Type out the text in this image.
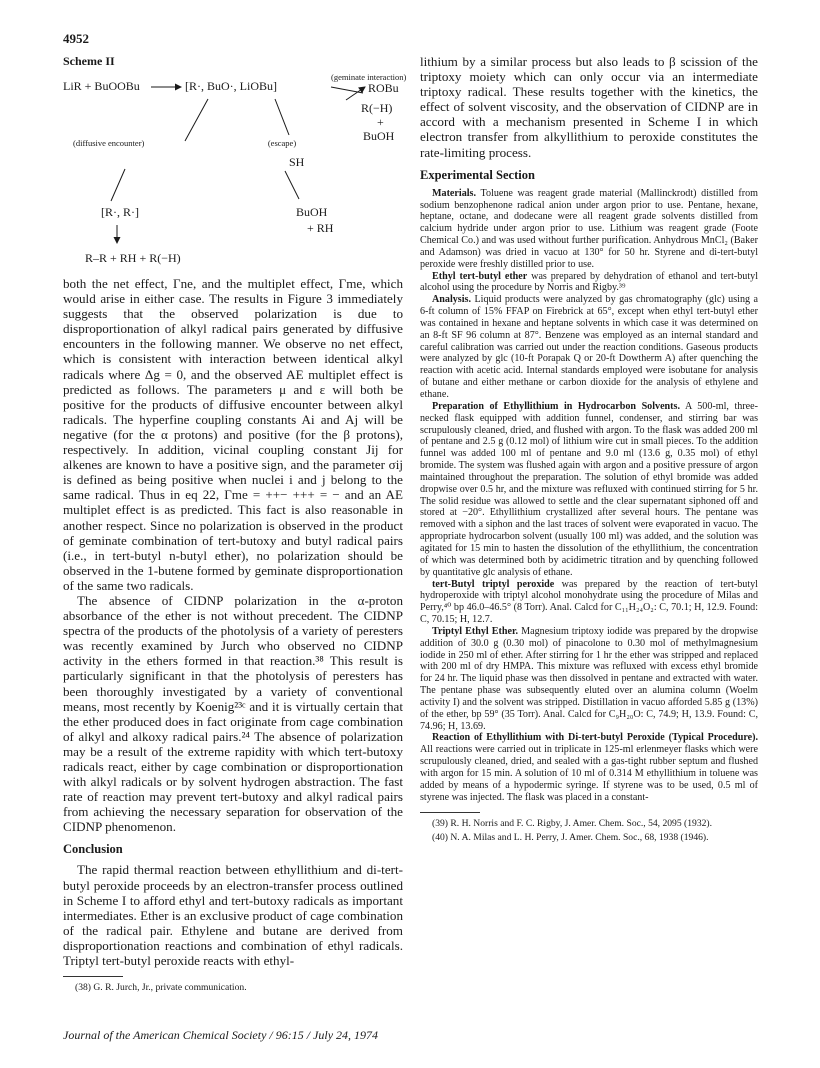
4952
Scheme II
LiR + BuOOBu	[R·, BuO·, LiOBu]
(geminate interaction)
ROBu
R(−H)
+
BuOH
(diffusive encounter)	(escape)
SH
[R·, R·]	BuOH
+ RH
R–R + RH + R(−H)

both the net effect, Γne, and the multiplet effect, Γme, which would arise in either case. The results in Figure 3 immediately suggests that the observed polarization is due to disproportionation of alkyl radical pairs generated by diffusive encounters in the following manner. We observe no net effect, which is consistent with interaction between identical alkyl radicals where Δg = 0, and the observed AE multiplet effect is predicted as follows. The parameters μ and ε will both be positive for the products of diffusive encounter between alkyl radicals. The hyperfine coupling constants Ai and Aj will be negative (for the α protons) and positive (for the β protons), respectively. In addition, vicinal coupling constant Jij for alkenes are known to have a positive sign, and the parameter σij is defined as being positive when nuclei i and j belong to the same radical. Thus in eq 22, Γme = ++− +++ = − and an AE multiplet effect is as predicted. This fact is also reasonable in another respect. Since no polarization is observed in the product of geminate combination of tert-butoxy and butyl radical pairs (i.e., in tert-butyl n-butyl ether), no polarization should be observed in the 1-butene formed by geminate disproportionation of the same two radicals.

The absence of CIDNP polarization in the α-proton absorbance of the ether is not without precedent. The CIDNP spectra of the products of the photolysis of a variety of peresters was recently examined by Jurch who observed no CIDNP activity in the ethers formed in that reaction.³⁸ This result is particularly significant in that the photolysis of peresters has been thoroughly investigated by a variety of conventional means, most recently by Koenig²³ᶜ and it is virtually certain that the ether produced does in fact originate from cage combination of alkyl and alkoxy radical pairs.²⁴ The absence of polarization may be a result of the extreme rapidity with which tert-butoxy radicals react, either by cage combination or disproportionation with alkyl radicals or by solvent hydrogen abstraction. The fast rate of reaction may prevent tert-butoxy and alkyl radical pairs from achieving the necessary separation for observation of the CIDNP phenomenon.

Conclusion

The rapid thermal reaction between ethyllithium and di-tert-butyl peroxide proceeds by an electron-transfer process outlined in Scheme I to afford ethyl and tert-butoxy radicals as important intermediates. Ether is an exclusive product of cage combination of the radical pair. Ethylene and butane are derived from disproportionation reactions and combination of ethyl radicals. Triptyl tert-butyl peroxide reacts with ethyl-

(38) G. R. Jurch, Jr., private communication.

lithium by a similar process but also leads to β scission of the triptoxy moiety which can only occur via an intermediate triptoxy radical. These results together with the kinetics, the effect of solvent viscosity, and the observation of CIDNP are in accord with a mechanism presented in Scheme I in which electron transfer from alkyllithium to peroxide constitutes the rate-limiting process.

Experimental Section

Materials. Toluene was reagent grade material (Mallinckrodt) distilled from sodium benzophenone radical anion under argon prior to use. Pentane, hexane, heptane, octane, and dodecane were all reagent grade solvents distilled from calcium hydride under argon prior to use. Lithium was reagent grade (Foote Chemical Co.) and was used without further purification. Anhydrous MnCl₂ (Baker and Adamson) was dried in vacuo at 130° for 50 hr. Styrene and di-tert-butyl peroxide were freshly distilled prior to use.

Ethyl tert-butyl ether was prepared by dehydration of ethanol and tert-butyl alcohol using the procedure by Norris and Rigby.³⁹

Analysis. Liquid products were analyzed by gas chromatography (glc) using a 6-ft column of 15% FFAP on Firebrick at 65°, except when ethyl tert-butyl ether was contained in hexane and heptane solvents in which case it was determined on an 8-ft SF 96 column at 87°. Benzene was employed as an internal standard and careful calibration was carried out under the reaction conditions. Gaseous products were analyzed by glc (10-ft Porapak Q or 20-ft Dowtherm A) after quenching the reaction with acetic acid. Internal standards employed were isobutane for analysis of butane and either methane or carbon dioxide for the analysis of ethylene and ethane.

Preparation of Ethyllithium in Hydrocarbon Solvents. A 500-ml, three-necked flask equipped with addition funnel, condenser, and stirring bar was scrupulously cleaned, dried, and flushed with argon. To the flask was added 200 ml of pentane and 2.5 g (0.12 mol) of lithium wire cut in small pieces. To the addition funnel was added 100 ml of pentane and 9.0 ml (13.6 g, 0.35 mol) of ethyl bromide. The system was flushed again with argon and a positive pressure of argon maintained throughout the preparation. The solution of ethyl bromide was added dropwise over 0.5 hr, and the mixture was refluxed with continued stirring for 5 hr. The solid residue was allowed to settle and the clear supernatant siphoned off and stored at −20°. Ethyllithium crystallized after several hours. The pentane was removed with a siphon and the last traces of solvent were evaporated in vacuo. The appropriate hydrocarbon solvent (usually 100 ml) was added, and the solution was agitated for 15 min to hasten the dissolution of the ethyllithium, the concentration of which was determined both by acidimetric titration and by quenching followed by quantitative glc analysis of ethane.

tert-Butyl triptyl peroxide was prepared by the reaction of tert-butyl hydroperoxide with triptyl alcohol monohydrate using the procedure of Milas and Perry,⁴⁰ bp 46.0–46.5° (8 Torr). Anal. Calcd for C₁₁H₂₄O₂: C, 70.1; H, 12.9. Found: C, 70.15; H, 12.7.

Triptyl Ethyl Ether. Magnesium triptoxy iodide was prepared by the dropwise addition of 30.0 g (0.30 mol) of pinacolone to 0.30 mol of methylmagnesium iodide in 250 ml of ether. After stirring for 1 hr the ether was stripped and replaced with 200 ml of dry HMPA. This mixture was refluxed with excess ethyl bromide for 24 hr. The liquid phase was then dissolved in pentane and extracted with water. The pentane phase was subsequently eluted over an alumina column (Woelm activity I) and the solvent was stripped. Distillation in vacuo afforded 5.85 g (13%) of the ether, bp 59° (35 Torr). Anal. Calcd for C₉H₂₀O: C, 74.9; H, 13.9. Found: C, 74.96; H, 13.69.

Reaction of Ethyllithium with Di-tert-butyl Peroxide (Typical Procedure). All reactions were carried out in triplicate in 125-ml erlenmeyer flasks which were scrupulously cleaned, dried, and sealed with a gas-tight rubber septum and flushed with argon for 15 min. A solution of 10 ml of 0.314 M ethyllithium in toluene was added by means of a hypodermic syringe. If styrene was to be used, 0.5 ml of styrene was injected. The flask was placed in a constant-

(39) R. H. Norris and F. C. Rigby, J. Amer. Chem. Soc., 54, 2095 (1932).

(40) N. A. Milas and L. H. Perry, J. Amer. Chem. Soc., 68, 1938 (1946).

Journal of the American Chemical Society / 96:15 / July 24, 1974
